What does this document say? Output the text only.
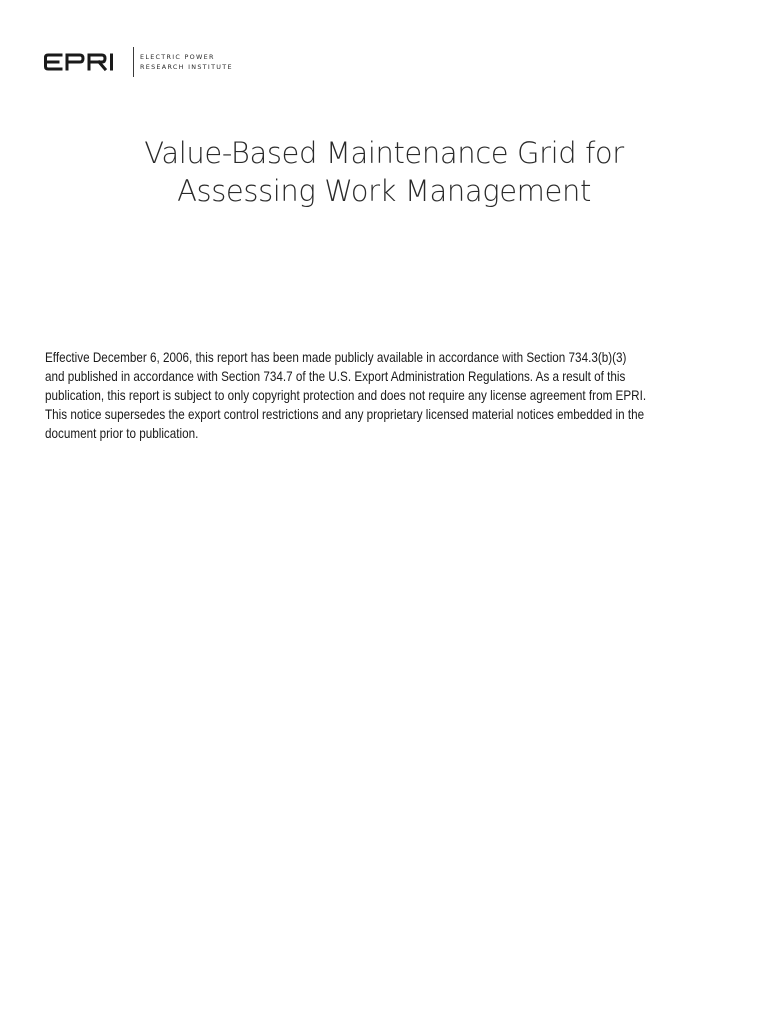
ELECTRIC POWER
RESEARCH INSTITUTE
Value-Based Maintenance Grid for
Assessing Work Management
Effective December 6, 2006, this report has been made publicly available in accordance with Section 734.3(b)(3)
and published in accordance with Section 734.7 of the U.S. Export Administration Regulations. As a result of this
publication, this report is subject to only copyright protection and does not require any license agreement from EPRI.
This notice supersedes the export control restrictions and any proprietary licensed material notices embedded in the
document prior to publication.
